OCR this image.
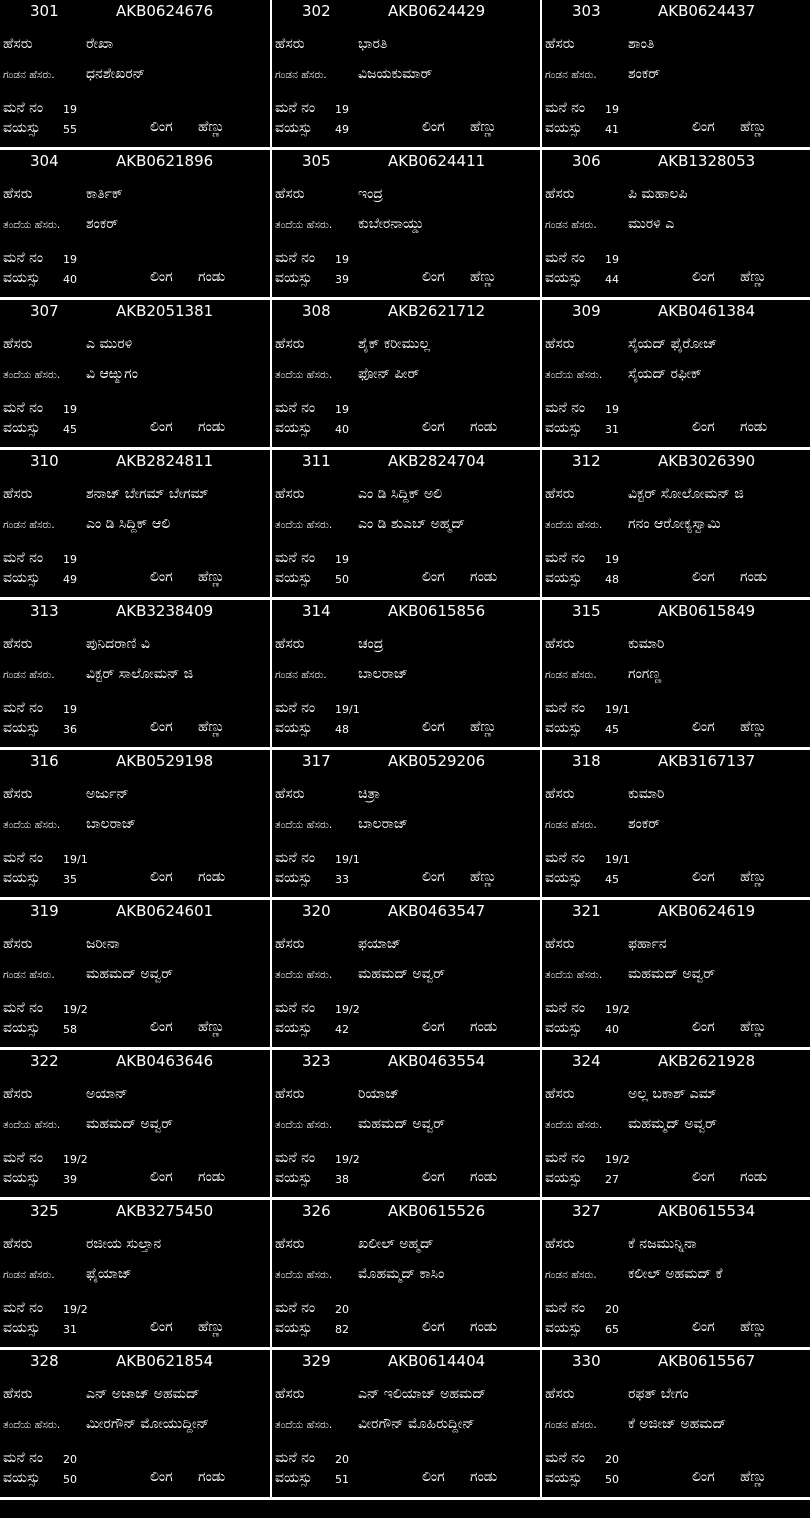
301	AKB0624676
ಹೆಸರು	ರೇಖಾ
ಗಂಡನ ಹೆಸರು. ಧನಶೇಖರನ್
ಮನೆ ನಂ 19
ವಯಸ್ಸು 55	ಲಿಂಗ ಹೆಣ್ಣು
302	AKB0624429
ಹೆಸರು	ಭಾರತಿ
ಗಂಡನ ಹೆಸರು. ವಿಜಯಕುಮಾರ್
ಮನೆ ನಂ 19
ವಯಸ್ಸು 49	ಲಿಂಗ ಹೆಣ್ಣು
303	AKB0624437
ಹೆಸರು	ಶಾಂತಿ
ಗಂಡನ ಹೆಸರು. ಶಂಕರ್
ಮನೆ ನಂ 19
ವಯಸ್ಸು 41	ಲಿಂಗ ಹೆಣ್ಣು
304	AKB0621896
ಹೆಸರು	ಕಾರ್ತಿಕ್
ತಂದೆಯ ಹೆಸರು. ಶಂಕರ್
ಮನೆ ನಂ 19
ವಯಸ್ಸು 40	ಲಿಂಗ ಗಂಡು
305	AKB0624411
ಹೆಸರು	ಇಂದ್ರ
ತಂದೆಯ ಹೆಸರು. ಕುಬೇರನಾಯ್ಡು
ಮನೆ ನಂ 19
ವಯಸ್ಸು 39	ಲಿಂಗ ಹೆಣ್ಣು
306	AKB1328053
ಹೆಸರು	ಪಿ ಮಹಾಲಪಿ
ಗಂಡನ ಹೆಸರು. ಮುರಳಿ ಎ
ಮನೆ ನಂ 19
ವಯಸ್ಸು 44	ಲಿಂಗ ಹೆಣ್ಣು
307	AKB2051381
ಹೆಸರು	ಎ ಮುರಳಿ
ತಂದೆಯ ಹೆಸರು. ವಿ ಆಱ್ಮುಗಂ
ಮನೆ ನಂ 19
ವಯಸ್ಸು 45	ಲಿಂಗ ಗಂಡು
308	AKB2621712
ಹೆಸರು	ಶೈಕ್ ಕರೀಮುಲ್ಲ
ತಂದೆಯ ಹೆಸರು. ಫೋನ್ ಪೀರ್
ಮನೆ ನಂ 19
ವಯಸ್ಸು 40	ಲಿಂಗ ಗಂಡು
309	AKB0461384
ಹೆಸರು	ಸೈಯದ್ ಫೈರೋಜ್
ತಂದೆಯ ಹೆಸರು. ಸೈಯದ್ ರಫೀಕ್
ಮನೆ ನಂ 19
ವಯಸ್ಸು 31	ಲಿಂಗ ಗಂಡು
310	AKB2824811
ಹೆಸರು	ಶನಾಜ್ ಬೇಗಮ್ ಬೇಗಮ್
ಗಂಡನ ಹೆಸರು. ಎಂ ಡಿ ಸಿದ್ದಿಕ್ ಆಲಿ
ಮನೆ ನಂ 19
ವಯಸ್ಸು 49	ಲಿಂಗ ಹೆಣ್ಣು
311	AKB2824704
ಹೆಸರು	ಎಂ ಡಿ ಸಿದ್ದಿಕ್ ಅಲಿ
ತಂದೆಯ ಹೆಸರು. ಎಂ ಡಿ ಶುಎಬ್ ಅಹ್ಮದ್
ಮನೆ ನಂ 19
ವಯಸ್ಸು 50	ಲಿಂಗ ಗಂಡು
312	AKB3026390
ಹೆಸರು	ವಿಕ್ಟರ್ ಸೋಲೋಮನ್ ಜಿ
ತಂದೆಯ ಹೆಸರು. ಗನಂ ಆರೋಕ್ಯಸ್ವಾಮಿ
ಮನೆ ನಂ 19
ವಯಸ್ಸು 48	ಲಿಂಗ ಗಂಡು
313	AKB3238409
ಹೆಸರು	ಪುನಿದರಾಣಿ ವಿ
ಗಂಡನ ಹೆಸರು. ವಿಕ್ಟರ್ ಸಾಲೋಮನ್ ಜಿ
ಮನೆ ನಂ 19
ವಯಸ್ಸು 36	ಲಿಂಗ ಹೆಣ್ಣು
314	AKB0615856
ಹೆಸರು	ಚಂದ್ರ
ಗಂಡನ ಹೆಸರು. ಬಾಲರಾಜ್
ಮನೆ ನಂ 19/1
ವಯಸ್ಸು 48	ಲಿಂಗ ಹೆಣ್ಣು
315	AKB0615849
ಹೆಸರು	ಕುಮಾರಿ
ಗಂಡನ ಹೆಸರು. ಗಂಗಣ್ಣ
ಮನೆ ನಂ 19/1
ವಯಸ್ಸು 45	ಲಿಂಗ ಹೆಣ್ಣು
316	AKB0529198
ಹೆಸರು	ಅರ್ಜುನ್
ತಂದೆಯ ಹೆಸರು. ಬಾಲರಾಜ್
ಮನೆ ನಂ 19/1
ವಯಸ್ಸು 35	ಲಿಂಗ ಗಂಡು
317	AKB0529206
ಹೆಸರು	ಚಿತ್ರಾ
ತಂದೆಯ ಹೆಸರು. ಬಾಲರಾಜ್
ಮನೆ ನಂ 19/1
ವಯಸ್ಸು 33	ಲಿಂಗ ಹೆಣ್ಣು
318	AKB3167137
ಹೆಸರು	ಕುಮಾರಿ
ಗಂಡನ ಹೆಸರು. ಶಂಕರ್
ಮನೆ ನಂ 19/1
ವಯಸ್ಸು 45	ಲಿಂಗ ಹೆಣ್ಣು
319	AKB0624601
ಹೆಸರು	ಜರೀನಾ
ಗಂಡನ ಹೆಸರು. ಮಹಮದ್ ಅವ್ವರ್
ಮನೆ ನಂ 19/2
ವಯಸ್ಸು 58	ಲಿಂಗ ಹೆಣ್ಣು
320	AKB0463547
ಹೆಸರು	ಫಯಾಜ್
ತಂದೆಯ ಹೆಸರು. ಮಹಮದ್ ಅವ್ವರ್
ಮನೆ ನಂ 19/2
ವಯಸ್ಸು 42	ಲಿಂಗ ಗಂಡು
321	AKB0624619
ಹೆಸರು	ಫರ್ಹಾನ
ತಂದೆಯ ಹೆಸರು. ಮಹಮದ್ ಅವ್ವರ್
ಮನೆ ನಂ 19/2
ವಯಸ್ಸು 40	ಲಿಂಗ ಹೆಣ್ಣು
322	AKB0463646
ಹೆಸರು	ಅಯಾನ್
ತಂದೆಯ ಹೆಸರು. ಮಹಮದ್ ಅವ್ವರ್
ಮನೆ ನಂ 19/2
ವಯಸ್ಸು 39	ಲಿಂಗ ಗಂಡು
323	AKB0463554
ಹೆಸರು	ರಿಯಾಜ್
ತಂದೆಯ ಹೆಸರು. ಮಹಮದ್ ಅವ್ವರ್
ಮನೆ ನಂ 19/2
ವಯಸ್ಸು 38	ಲಿಂಗ ಗಂಡು
324	AKB2621928
ಹೆಸರು	ಅಲ್ಲ ಬಕಾಶ್ ಎಮ್
ತಂದೆಯ ಹೆಸರು. ಮಹಮ್ಮದ್ ಅವ್ವರ್
ಮನೆ ನಂ 19/2
ವಯಸ್ಸು 27	ಲಿಂಗ ಗಂಡು
325	AKB3275450
ಹೆಸರು	ರಜೀಯ ಸುಲ್ತಾನ
ಗಂಡನ ಹೆಸರು. ಫೈಯಾಜ್
ಮನೆ ನಂ 19/2
ವಯಸ್ಸು 31	ಲಿಂಗ ಹೆಣ್ಣು
326	AKB0615526
ಹೆಸರು	ಖಲೀಲ್ ಅಹ್ಮದ್
ತಂದೆಯ ಹೆಸರು. ಮೊಹಮ್ಮದ್ ಕಾಸಿಂ
ಮನೆ ನಂ 20
ವಯಸ್ಸು 82	ಲಿಂಗ ಗಂಡು
327	AKB0615534
ಹೆಸರು	ಕೆ ನಜಮುನ್ನಿನಾ
ಗಂಡನ ಹೆಸರು. ಕಲೀಲ್ ಅಹಮದ್ ಕೆ
ಮನೆ ನಂ 20
ವಯಸ್ಸು 65	ಲಿಂಗ ಹೆಣ್ಣು
328	AKB0621854
ಹೆಸರು	ಎನ್ ಅಜಾಜ್ ಅಹಮದ್
ತಂದೆಯ ಹೆಸರು. ಮೀರಗೌನ್ ಮೋಯುದ್ದೀನ್
ಮನೆ ನಂ 20
ವಯಸ್ಸು 50	ಲಿಂಗ ಗಂಡು
329	AKB0614404
ಹೆಸರು	ಎನ್ ಇಲಿಯಾಜ್ ಅಹಮದ್
ತಂದೆಯ ಹೆಸರು. ವೀರಗೌನ್ ಮೊಹಿರುದ್ದೀನ್
ಮನೆ ನಂ 20
ವಯಸ್ಸು 51	ಲಿಂಗ ಗಂಡು
330	AKB0615567
ಹೆಸರು	ರಫತ್ ಬೇಗಂ
ಗಂಡನ ಹೆಸರು. ಕೆ ಅಜೀಜ್ ಅಹಮದ್
ಮನೆ ನಂ 20
ವಯಸ್ಸು 50	ಲಿಂಗ ಹೆಣ್ಣು
